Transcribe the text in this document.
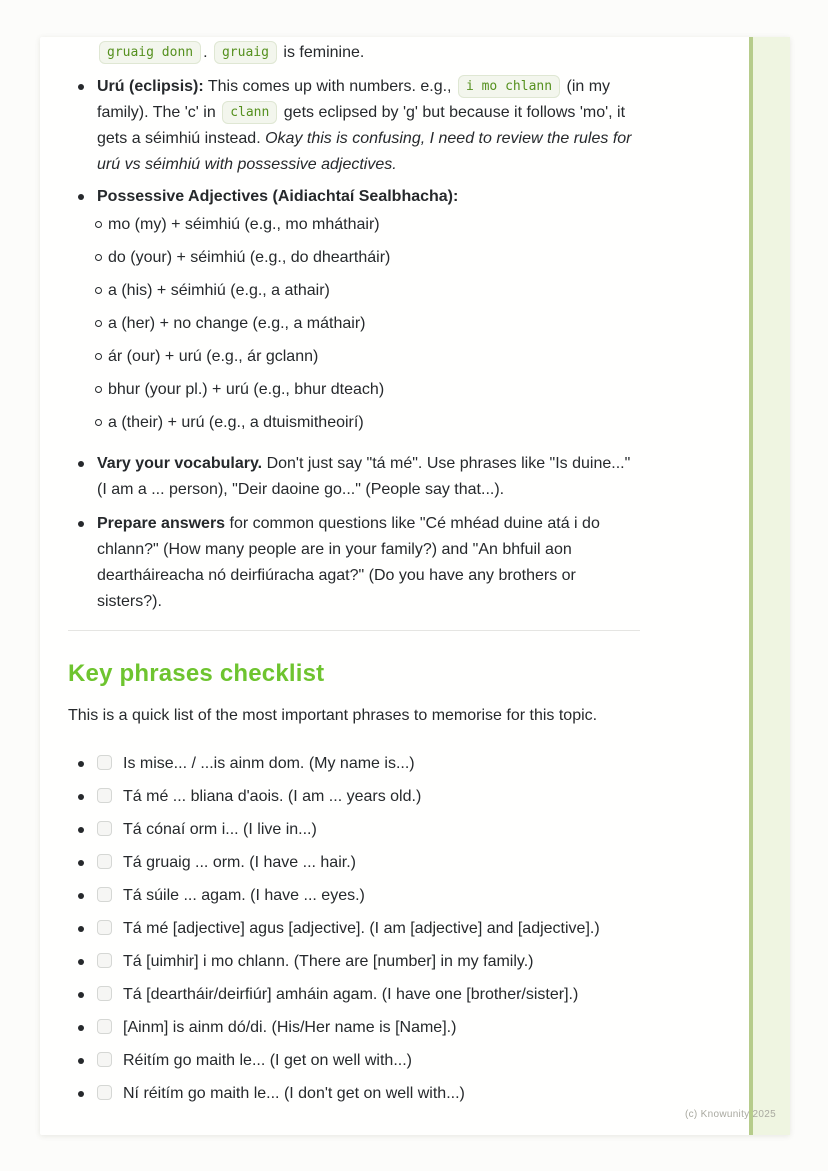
gruaig donn . gruaig is feminine.

Urú (eclipsis): This comes up with numbers. e.g., i mo chlann (in my family). The 'c' in clann gets eclipsed by 'g' but because it follows 'mo', it gets a séimhiú instead. Okay this is confusing, I need to review the rules for urú vs séimhiú with possessive adjectives.
Possessive Adjectives (Aidiachtaí Sealbhacha):
mo (my) + séimhiú (e.g., mo mháthair)
do (your) + séimhiú (e.g., do dheartháir)
a (his) + séimhiú (e.g., a athair)
a (her) + no change (e.g., a máthair)
ár (our) + urú (e.g., ár gclann)
bhur (your pl.) + urú (e.g., bhur dteach)
a (their) + urú (e.g., a dtuismitheoirí)
Vary your vocabulary. Don't just say "tá mé". Use phrases like "Is duine..." (I am a ... person), "Deir daoine go..." (People say that...).
Prepare answers for common questions like "Cé mhéad duine atá i do chlann?" (How many people are in your family?) and "An bhfuil aon deartháireacha nó deirfiúracha agat?" (Do you have any brothers or sisters?).
Key phrases checklist

This is a quick list of the most important phrases to memorise for this topic.

Is mise... / ...is ainm dom. (My name is...)
Tá mé ... bliana d'aois. (I am ... years old.)
Tá cónaí orm i... (I live in...)
Tá gruaig ... orm. (I have ... hair.)
Tá súile ... agam. (I have ... eyes.)
Tá mé [adjective] agus [adjective]. (I am [adjective] and [adjective].)
Tá [uimhir] i mo chlann. (There are [number] in my family.)
Tá [deartháir/deirfiúr] amháin agam. (I have one [brother/sister].)
[Ainm] is ainm dó/di. (His/Her name is [Name].)
Réitím go maith le... (I get on well with...)
Ní réitím go maith le... (I don't get on well with...)
(c) Knowunity 2025
